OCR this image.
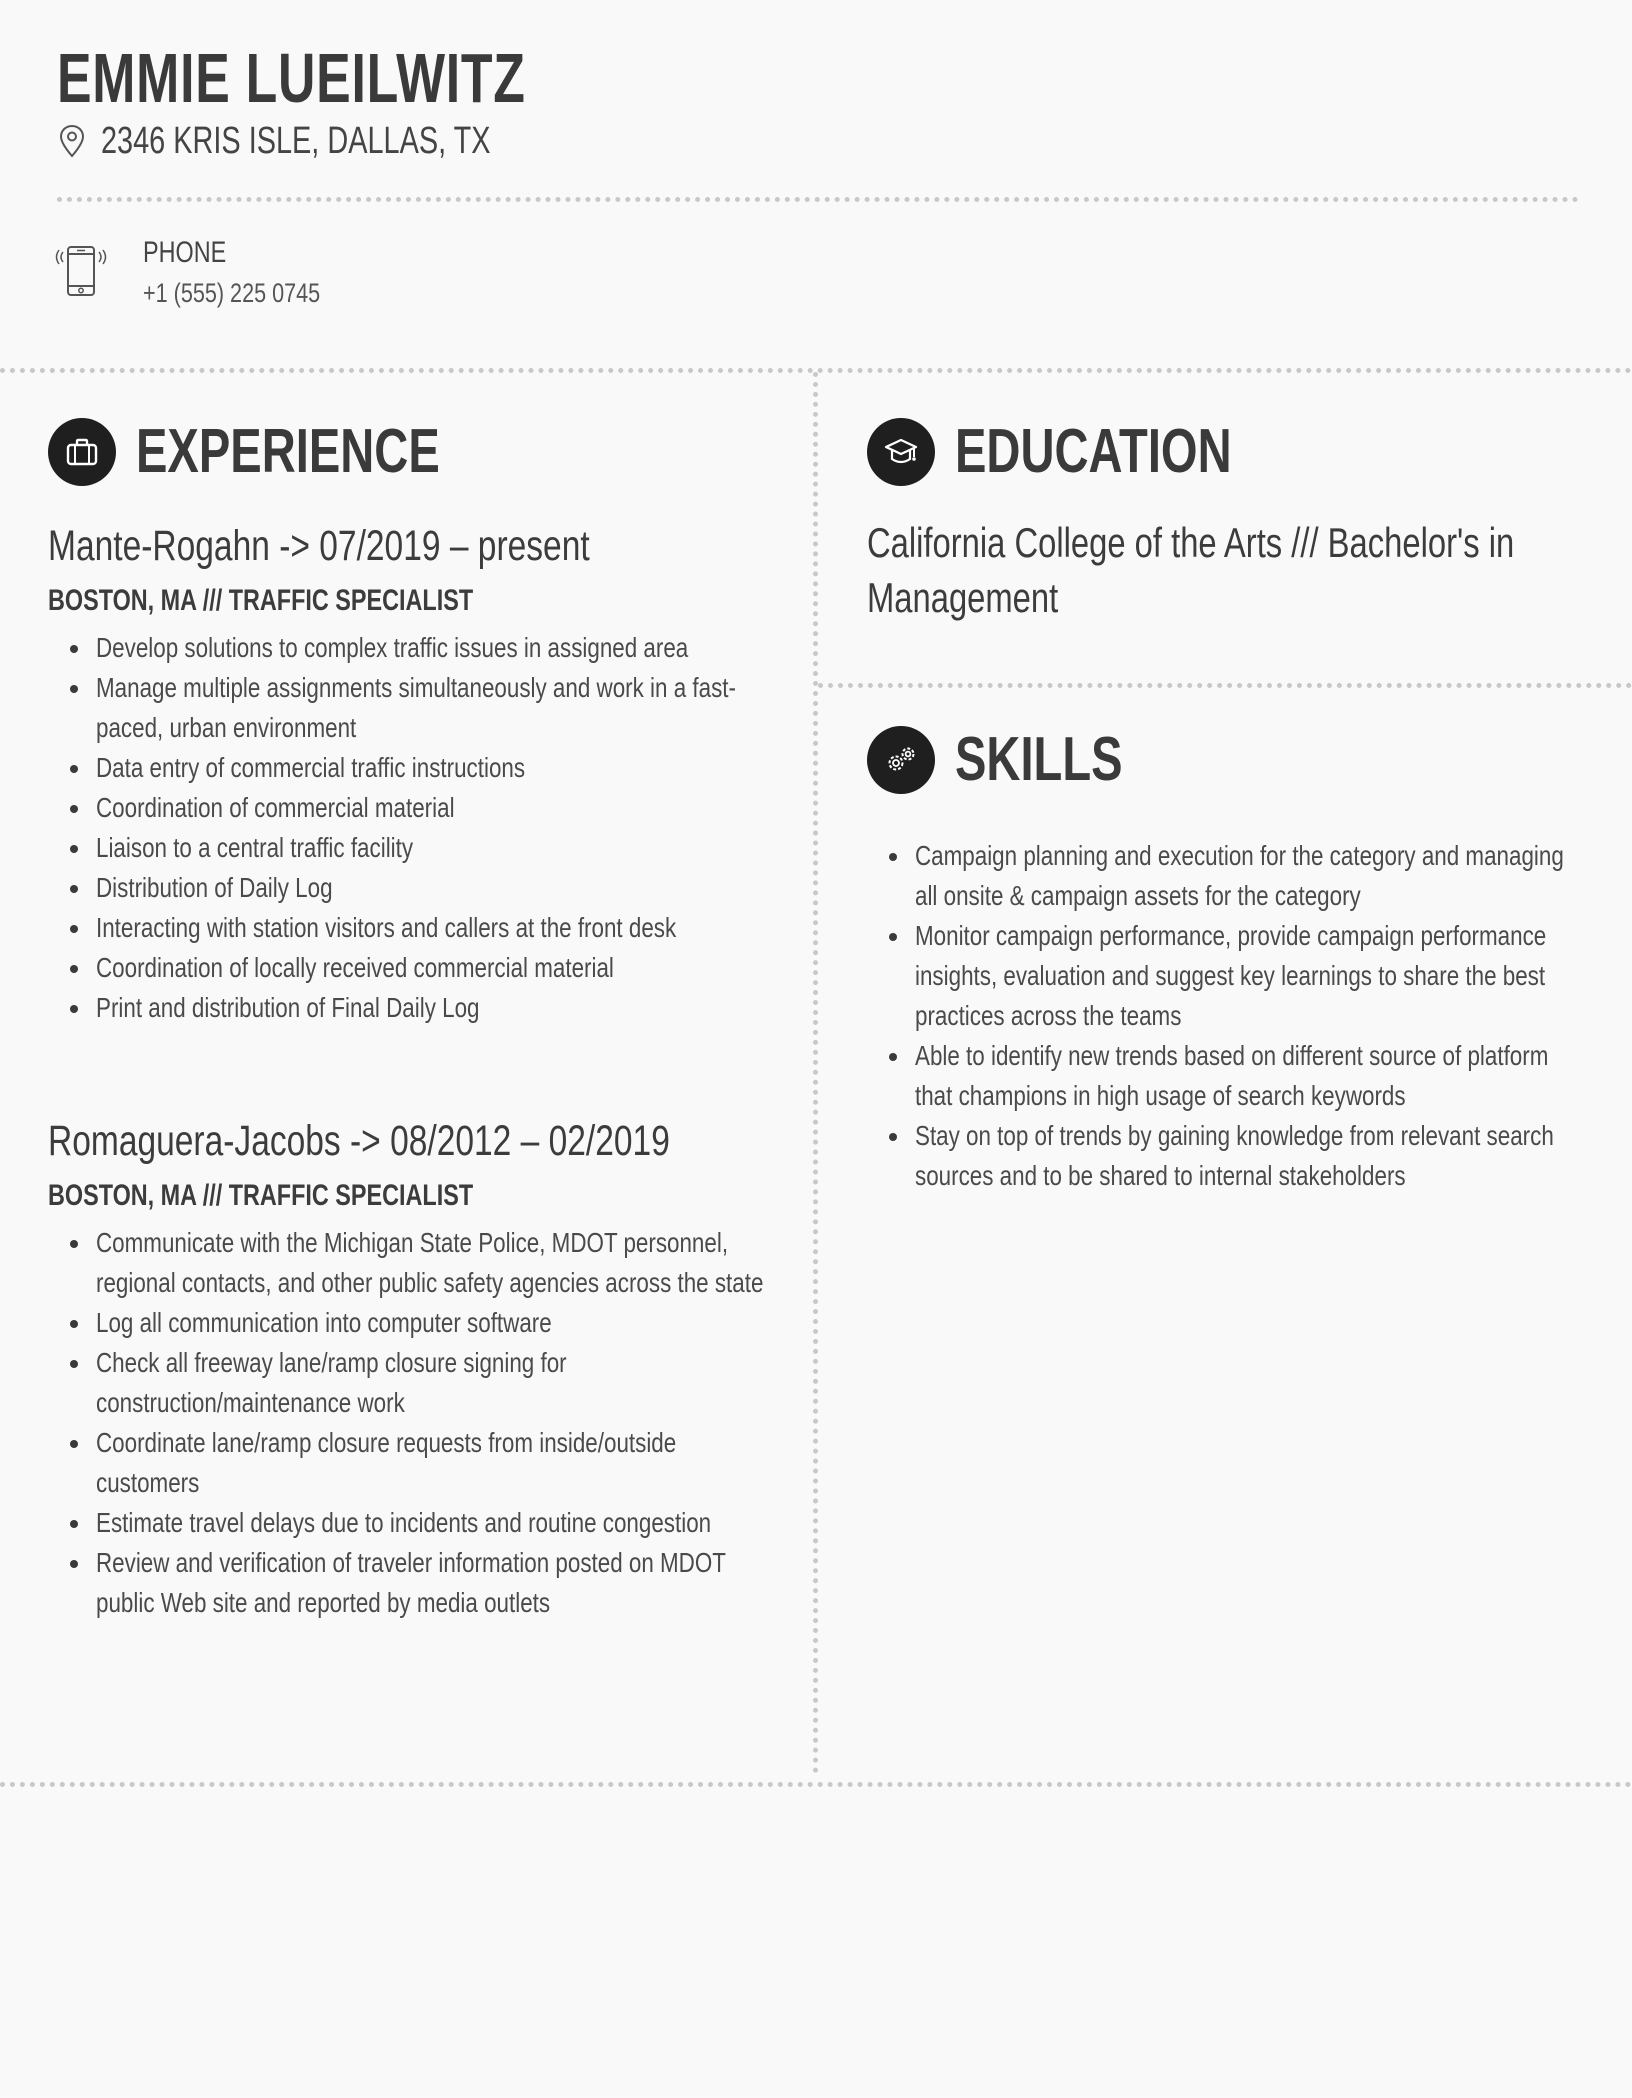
EMMIE LUEILWITZ
2346 KRIS ISLE, DALLAS, TX
PHONE
+1 (555) 225 0745
EXPERIENCE

Mante-Rogahn -> 07/2019 – present

BOSTON, MA /// TRAFFIC SPECIALIST

Develop solutions to complex traffic issues in assigned area
Manage multiple assignments simultaneously and work in a fast-paced, urban environment
Data entry of commercial traffic instructions
Coordination of commercial material
Liaison to a central traffic facility
Distribution of Daily Log
Interacting with station visitors and callers at the front desk
Coordination of locally received commercial material
Print and distribution of Final Daily Log

Romaguera-Jacobs -> 08/2012 – 02/2019

BOSTON, MA /// TRAFFIC SPECIALIST

Communicate with the Michigan State Police, MDOT personnel, regional contacts, and other public safety agencies across the state
Log all communication into computer software
Check all freeway lane/ramp closure signing for construction/maintenance work
Coordinate lane/ramp closure requests from inside/outside customers
Estimate travel delays due to incidents and routine congestion
Review and verification of traveler information posted on MDOT public Web site and reported by media outlets
EDUCATION

California College of the Arts /// Bachelor's in Management

SKILLS
Campaign planning and execution for the category and managing all onsite & campaign assets for the category
Monitor campaign performance, provide campaign performance insights, evaluation and suggest key learnings to share the best practices across the teams
Able to identify new trends based on different source of platform that champions in high usage of search keywords
Stay on top of trends by gaining knowledge from relevant search sources and to be shared to internal stakeholders
